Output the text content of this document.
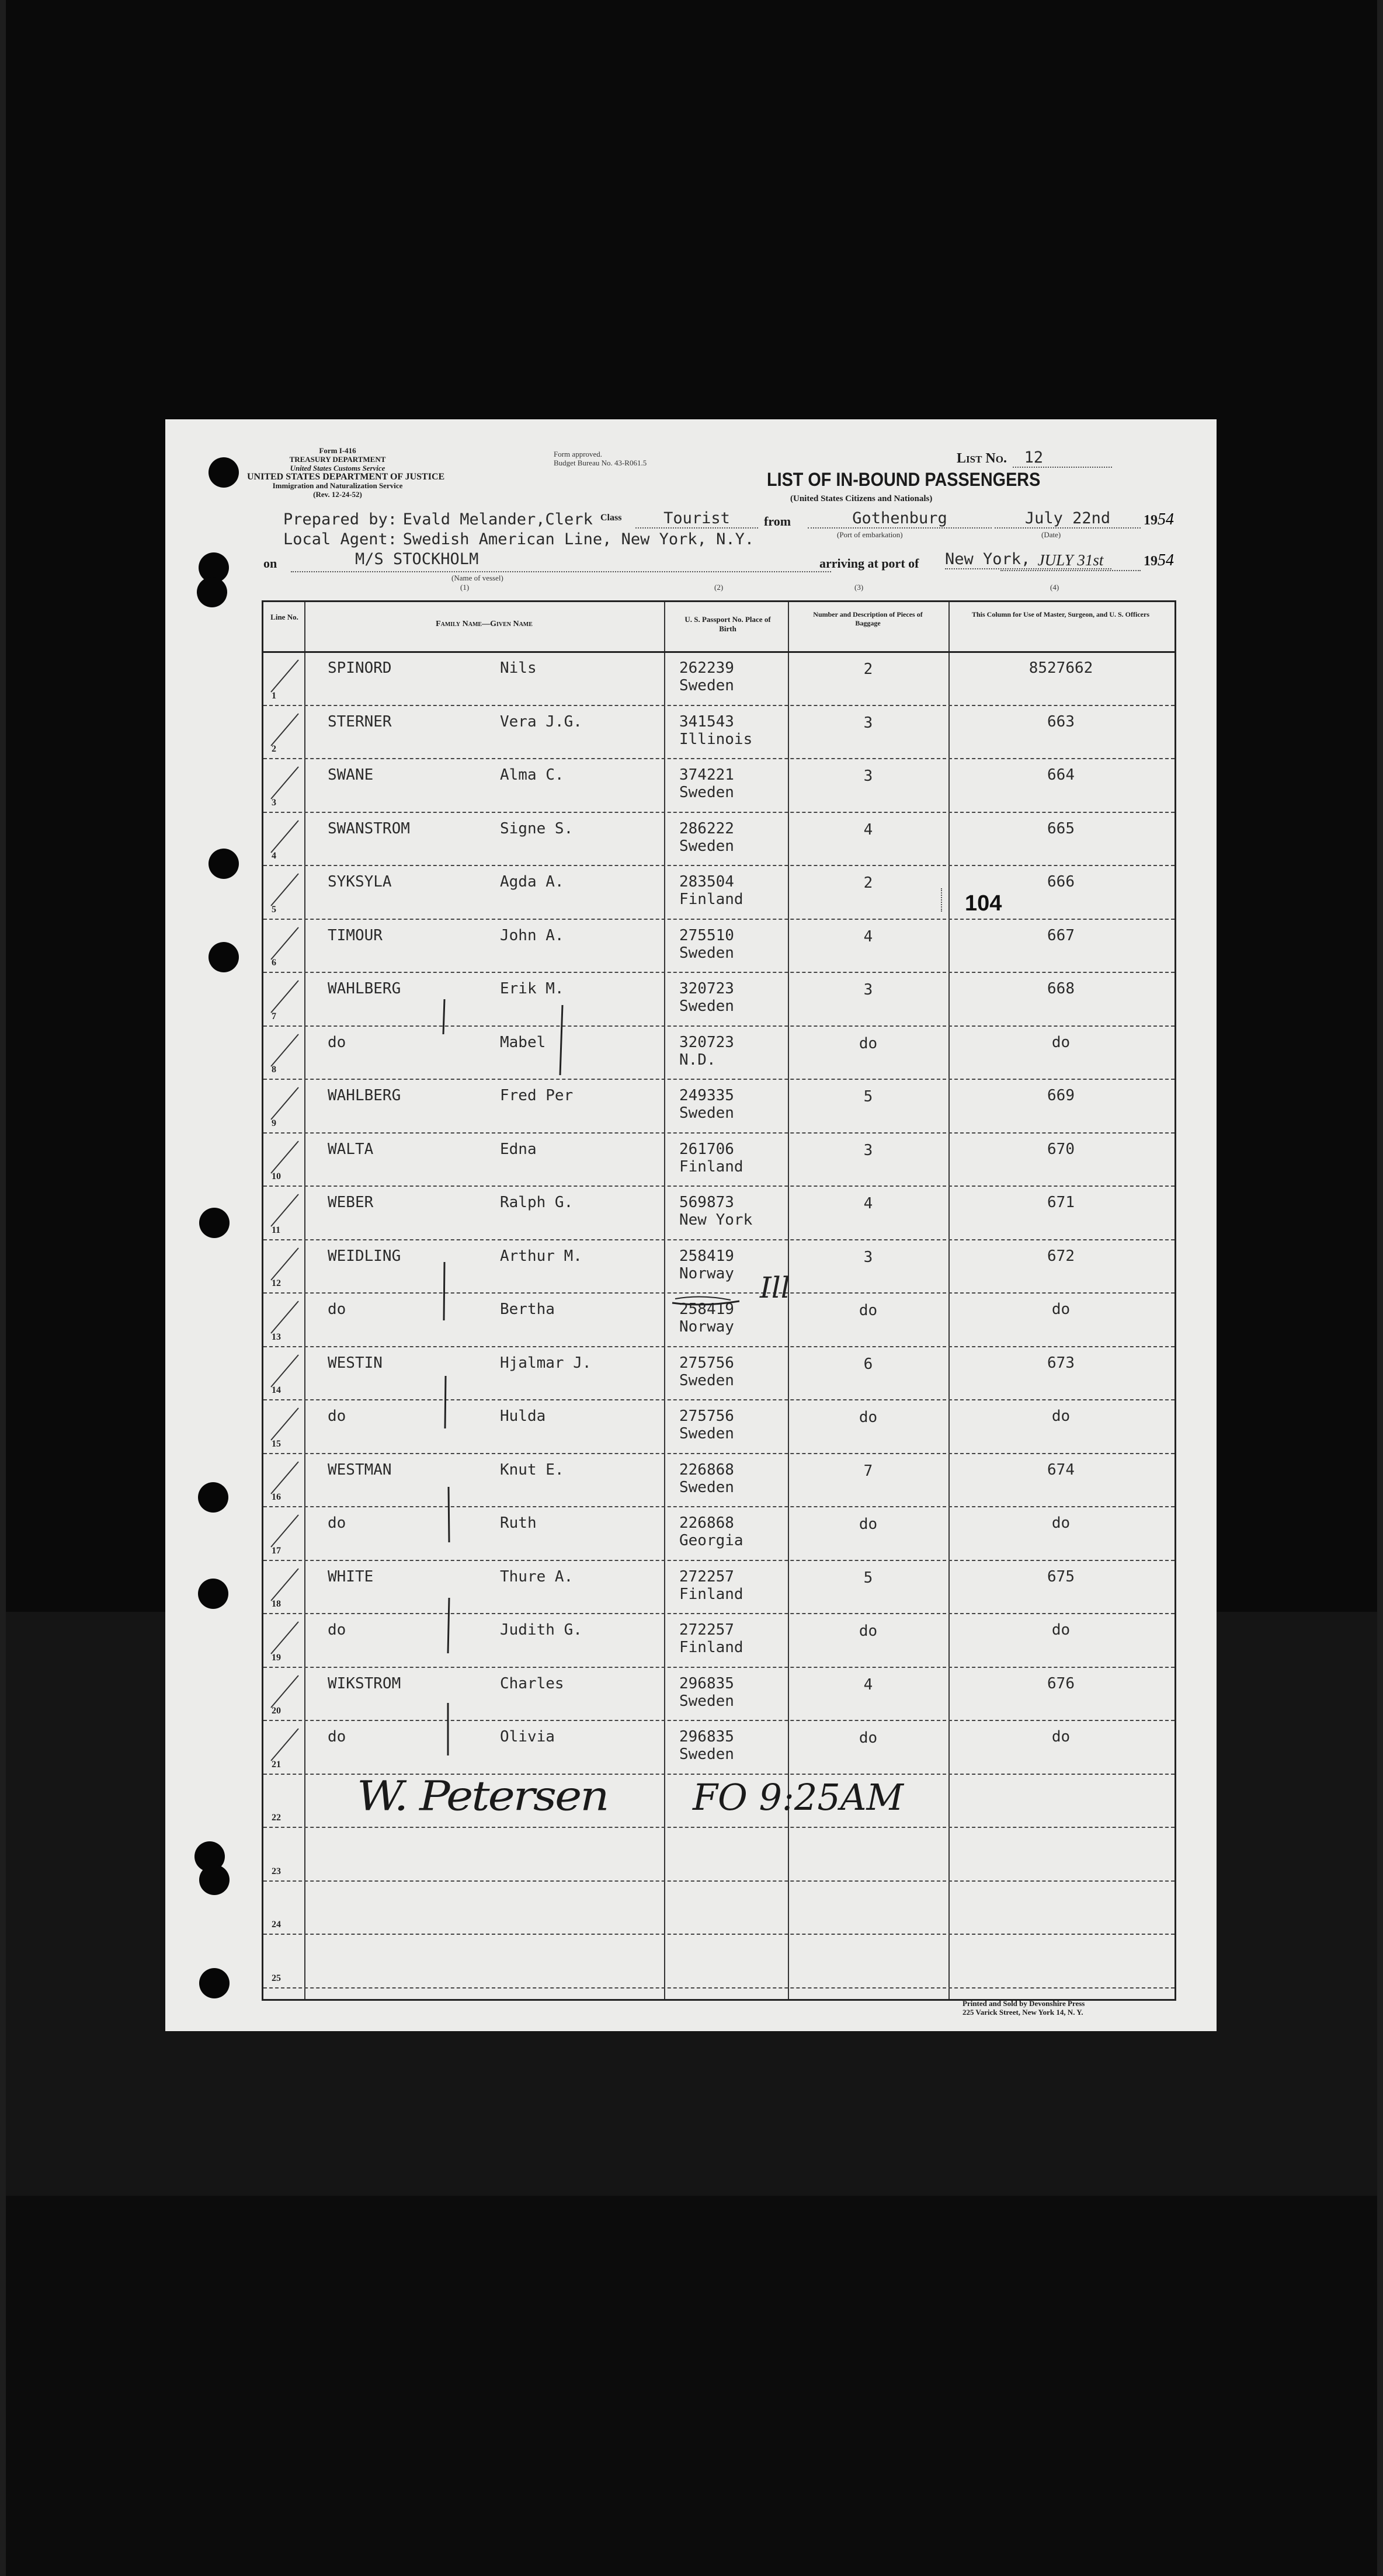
Form I-416
TREASURY DEPARTMENT
United States Customs Service
UNITED STATES DEPARTMENT OF JUSTICE
Immigration and Naturalization Service
(Rev. 12-24-52)
Form approved.
Budget Bureau No. 43-R061.5
LIST OF IN-BOUND PASSENGERS
(United States Citizens and Nationals)
List No. 12
Prepared by: Evald Melander,Clerk Class	Tourist	from	Gothenburg	July 22nd	1954
Local Agent: Swedish American Line, New York, N.Y.	(Port of embarkation)	(Date)
on	M/S STOCKHOLM	arriving at port of New York, JULY 31st	1954
(Name of vessel)
(1)	(2)	(3)	(4)
Line No.
Family Name—Given Name
U. S. Passport No. Place of Birth
Number and Description of Pieces of Baggage
This Column for Use of Master, Surgeon, and U. S. Officers
1
SPINORD	Nils	262239
Sweden
2	8527662
2
STERNER	Vera J.G.	341543
Illinois
3	663
3
SWANE	Alma C.	374221
Sweden
3	664
4
SWANSTROM	Signe S.	286222
Sweden
4	665
5
SYKSYLA	Agda A.	283504
Finland
2	666
6
TIMOUR	John A.	275510
Sweden
4	667
7
WAHLBERG	Erik M.	320723
Sweden
3	668
8
do	Mabel	320723
N.D.
do	do
9
WAHLBERG	Fred Per	249335
Sweden
5	669
10
WALTA	Edna	261706
Finland
3	670
11
WEBER	Ralph G.	569873
New York
4	671
12
WEIDLING	Arthur M.	258419
Norway
3	672
13
do	Bertha	258419
Norway
do	do
14
WESTIN	Hjalmar J.	275756
Sweden
6	673
15
do	Hulda	275756
Sweden
do	do
16
WESTMAN	Knut E.	226868
Sweden
7	674
17
do	Ruth	226868
Georgia
do	do
18
WHITE	Thure A.	272257
Finland
5	675
19
do	Judith G.	272257
Finland
do	do
20
WIKSTROM	Charles	296835
Sweden
4	676
21
do	Olivia	296835
Sweden
do	do
22
23
24
25
104
Ill
W. Petersen FO 9:25AM
Printed and Sold by Devonshire Press
225 Varick Street, New York 14, N. Y.
